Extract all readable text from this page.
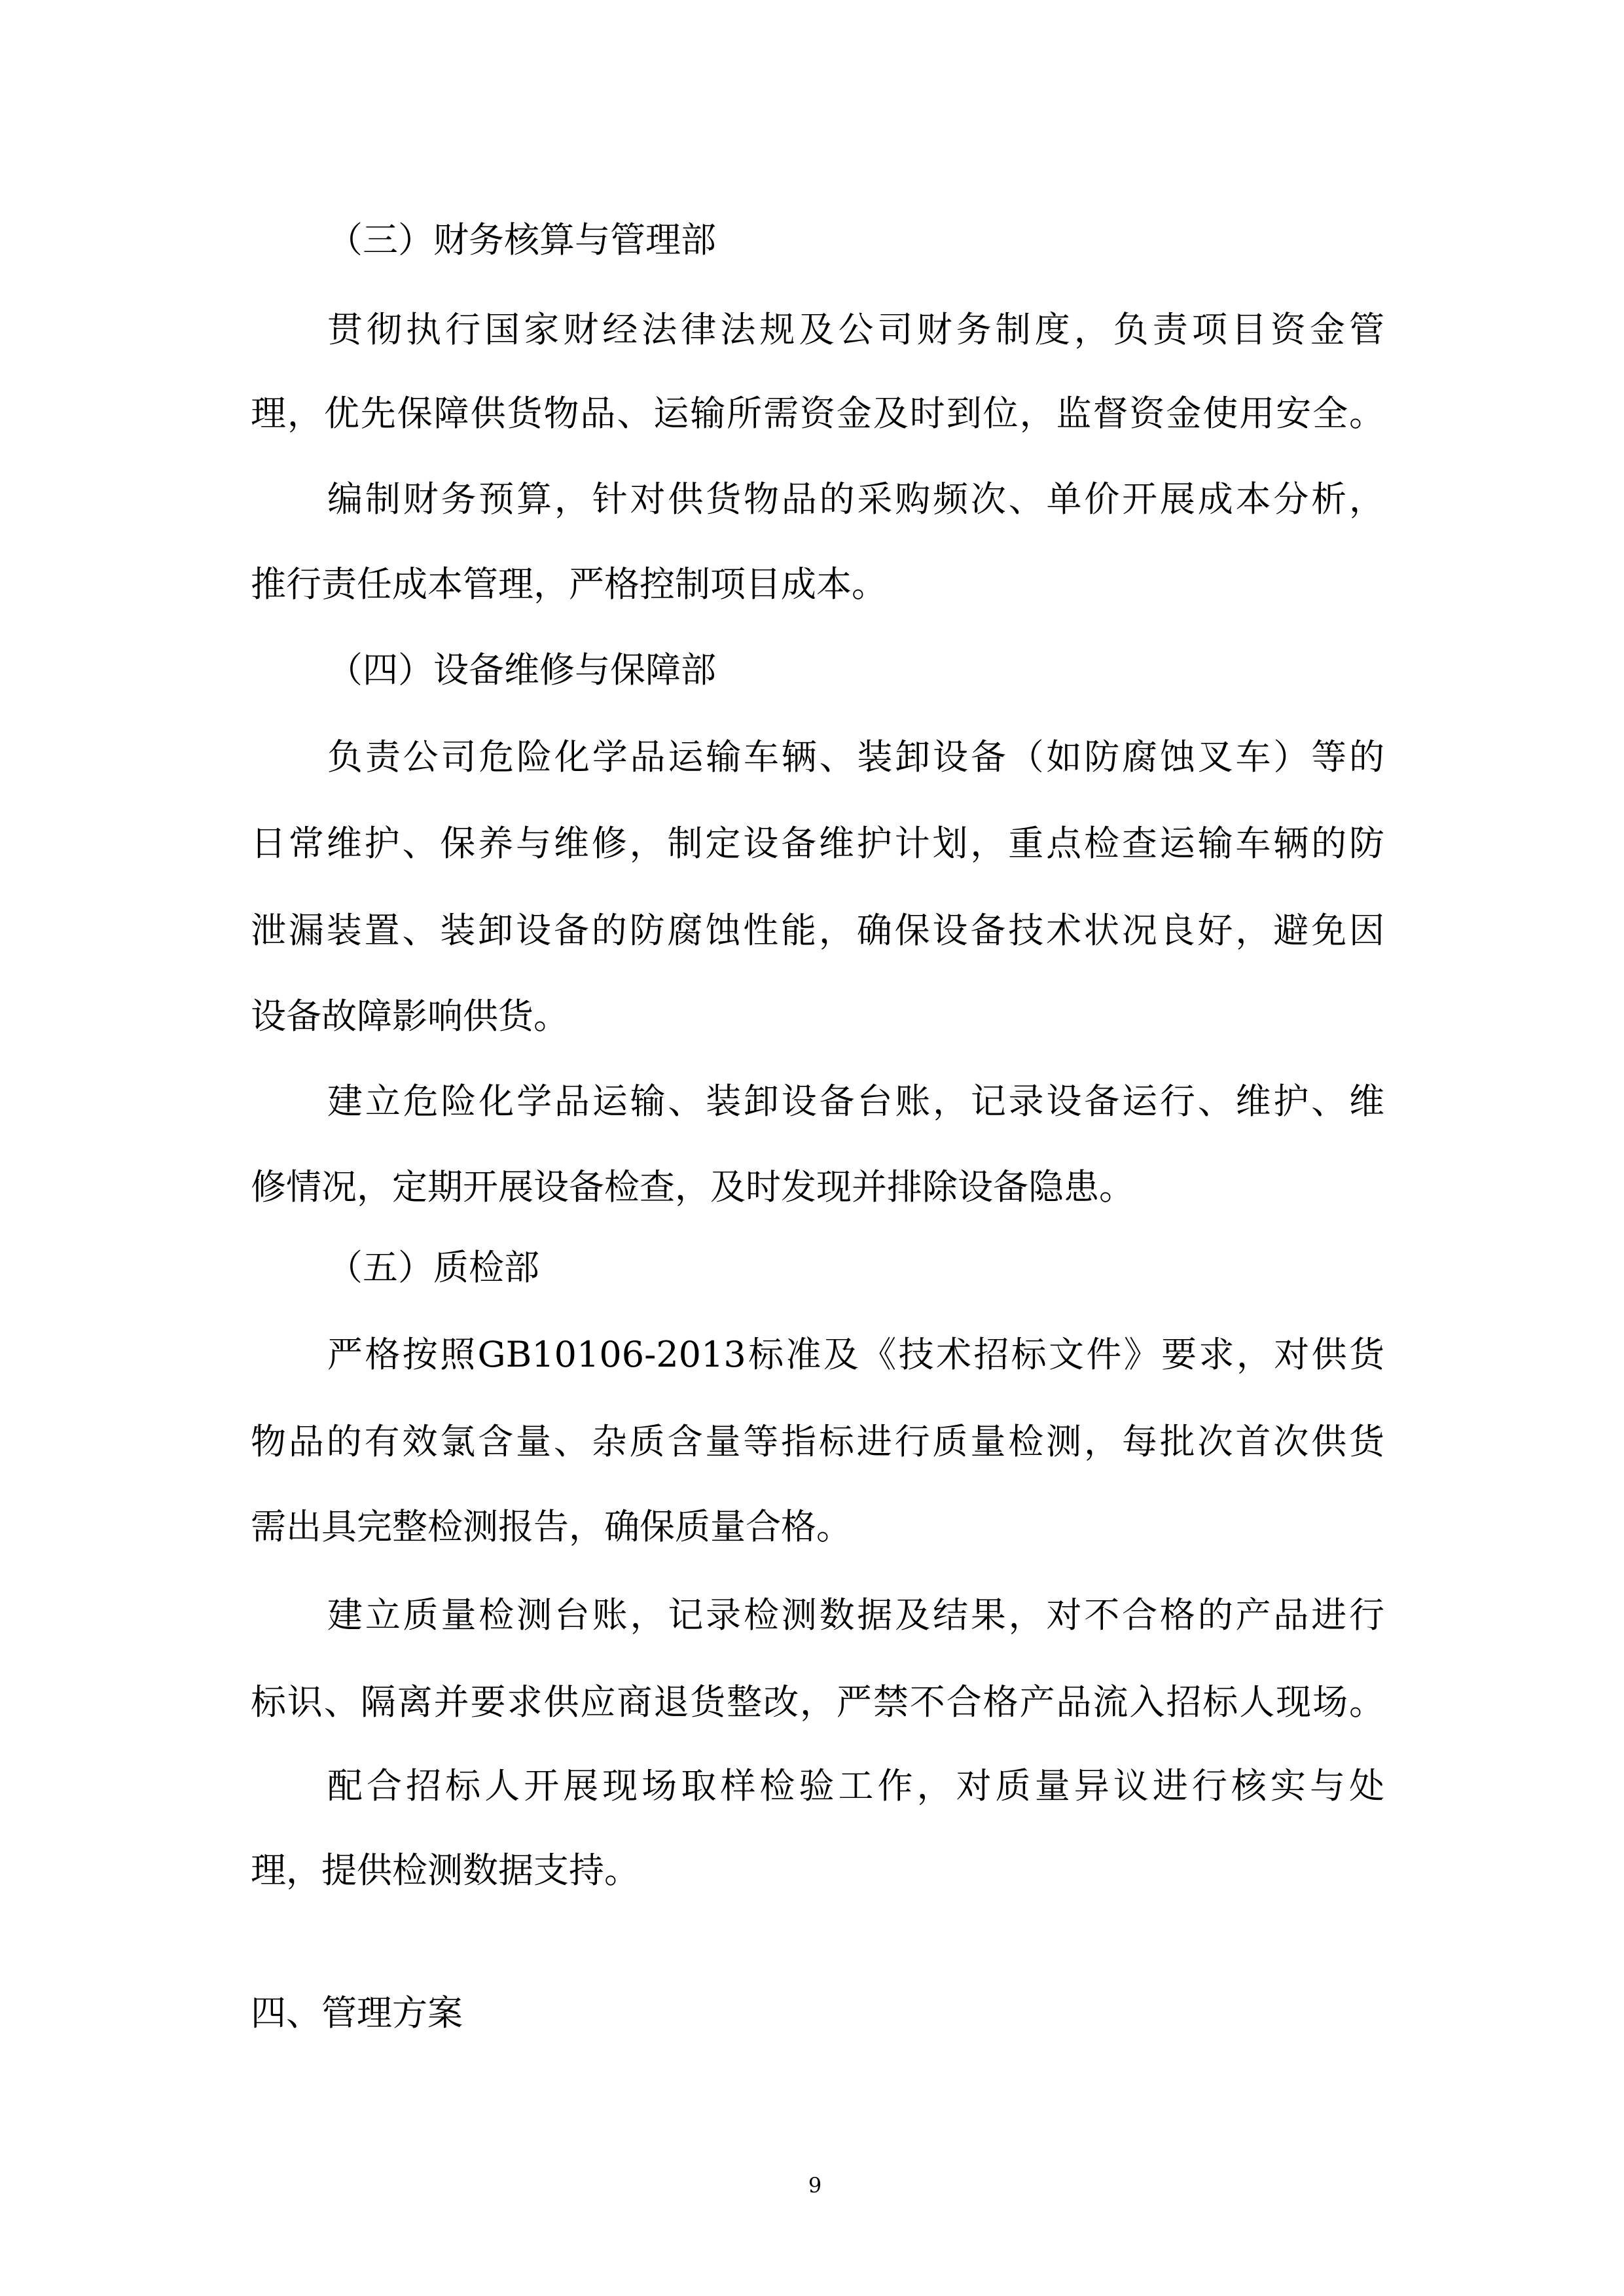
（三）财务核算与管理部
贯彻执行国家财经法律法规及公司财务制度，负责项目资金管
理，优先保障供货物品、运输所需资金及时到位，监督资金使用安全。
编制财务预算，针对供货物品的采购频次、单价开展成本分析，
推行责任成本管理，严格控制项目成本。
（四）设备维修与保障部
负责公司危险化学品运输车辆、装卸设备（如防腐蚀叉车）等的
日常维护、保养与维修，制定设备维护计划，重点检查运输车辆的防
泄漏装置、装卸设备的防腐蚀性能，确保设备技术状况良好，避免因
设备故障影响供货。
建立危险化学品运输、装卸设备台账，记录设备运行、维护、维
修情况，定期开展设备检查，及时发现并排除设备隐患。
（五）质检部
严格按照GB10106-2013标准及《技术招标文件》要求，对供货
物品的有效氯含量、杂质含量等指标进行质量检测，每批次首次供货
需出具完整检测报告，确保质量合格。
建立质量检测台账，记录检测数据及结果，对不合格的产品进行
标识、隔离并要求供应商退货整改，严禁不合格产品流入招标人现场。
配合招标人开展现场取样检验工作，对质量异议进行核实与处
理，提供检测数据支持。
四、管理方案
9
